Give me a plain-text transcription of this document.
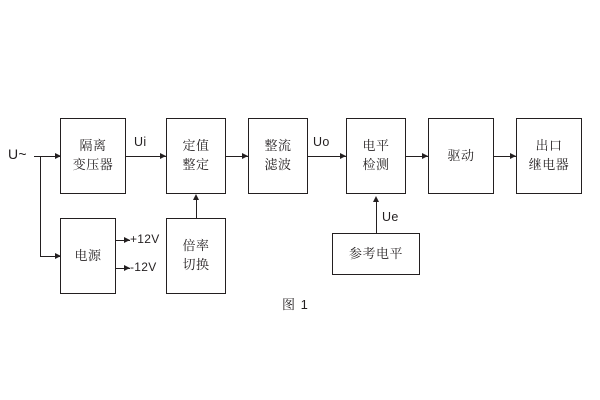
U~
隔离
变压器
Ui	定值
整定
整流
滤波
Uo	电平
检测
驱动
出口
继电器
电源
+12V
-12V
倍率
切换
参考电平
Ue
图 1
